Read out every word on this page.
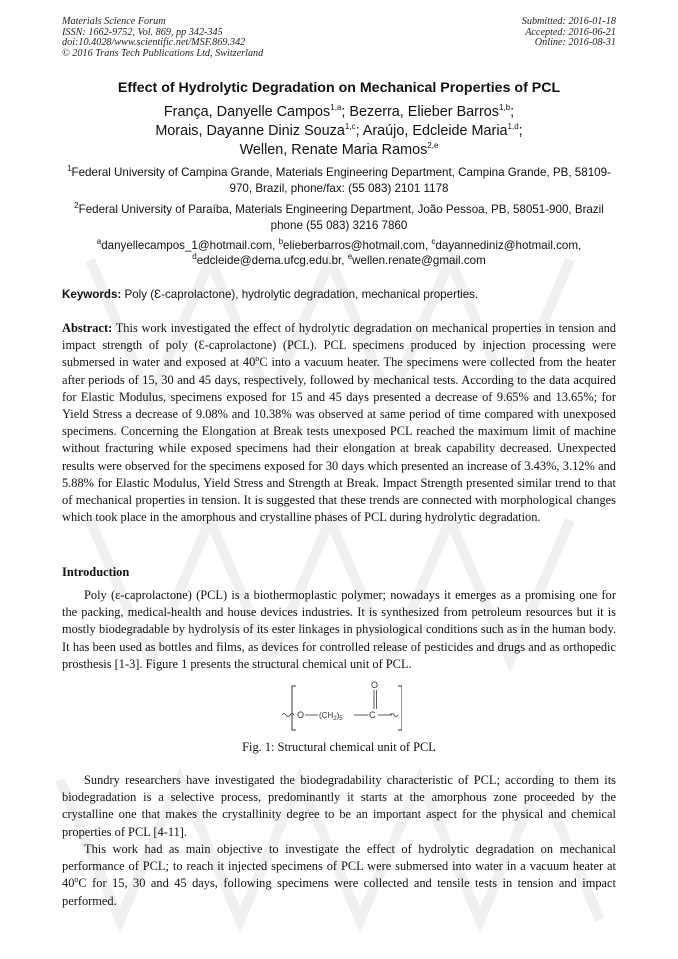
Materials Science Forum
ISSN: 1662-9752, Vol. 869, pp 342-345
doi:10.4028/www.scientific.net/MSF.869.342
© 2016 Trans Tech Publications Ltd, Switzerland
Submitted: 2016-01-18
Accepted: 2016-06-21
Online: 2016-08-31
Effect of Hydrolytic Degradation on Mechanical Properties of PCL
França, Danyelle Campos$^{1,a}$; Bezerra, Elieber Barros$^{1,b}$;
Morais, Dayanne Diniz Souza$^{1,c}$; Araújo, Edcleide Maria$^{1,d}$;
Wellen, Renate Maria Ramos$^{2,e}$
$^1$Federal University of Campina Grande, Materials Engineering Department, Campina Grande, PB, 58109-970, Brazil, phone/fax: (55 083) 2101 1178
$^2$Federal University of Paraíba, Materials Engineering Department, João Pessoa, PB, 58051-900, Brazil phone (55 083) 3216 7860
$^a$danyellecampos_1@hotmail.com, $^b$elieberbarros@hotmail.com, $^c$dayannediniz@hotmail.com,
$^d$edcleide@dema.ufcg.edu.br, $^e$wellen.renate@gmail.com
Keywords: Poly (Ɛ-caprolactone), hydrolytic degradation, mechanical properties.
Abstract: This work investigated the effect of hydrolytic degradation on mechanical properties in tension and impact strength of poly (Ɛ-caprolactone) (PCL). PCL specimens produced by injection processing were submersed in water and exposed at 40$^o$C into a vacuum heater. The specimens were collected from the heater after periods of 15, 30 and 45 days, respectively, followed by mechanical tests. According to the data acquired for Elastic Modulus, specimens exposed for 15 and 45 days presented a decrease of 9.65% and 13.65%; for Yield Stress a decrease of 9.08% and 10.38% was observed at same period of time compared with unexposed specimens. Concerning the Elongation at Break tests unexposed PCL reached the maximum limit of machine without fracturing while exposed specimens had their elongation at break capability decreased. Unexpected results were observed for the specimens exposed for 30 days which presented an increase of 3.43%, 3.12% and 5.88% for Elastic Modulus, Yield Stress and Strength at Break. Impact Strength presented similar trend to that of mechanical properties in tension. It is suggested that these trends are connected with morphological changes which took place in the amorphous and crystalline phases of PCL during hydrolytic degradation.
Introduction
Poly (ε-caprolactone) (PCL) is a biothermoplastic polymer; nowadays it emerges as a promising one for the packing, medical-health and house devices industries. It is synthesized from petroleum resources but it is mostly biodegradable by hydrolysis of its ester linkages in physiological conditions such as in the human body. It has been used as bottles and films, as devices for controlled release of pesticides and drugs and as orthopedic prosthesis [1-3]. Figure 1 presents the structural chemical unit of PCL.
O $(CH_2)_5$	C
O
Fig. 1: Structural chemical unit of PCL
Sundry researchers have investigated the biodegradability characteristic of PCL; according to them its biodegradation is a selective process, predominantly it starts at the amorphous zone proceeded by the crystalline one that makes the crystallinity degree to be an important aspect for the physical and chemical properties of PCL [4-11].
This work had as main objective to investigate the effect of hydrolytic degradation on mechanical performance of PCL; to reach it injected specimens of PCL were submersed into water in a vacuum heater at 40$^o$C for 15, 30 and 45 days, following specimens were collected and tensile tests in tension and impact performed.
